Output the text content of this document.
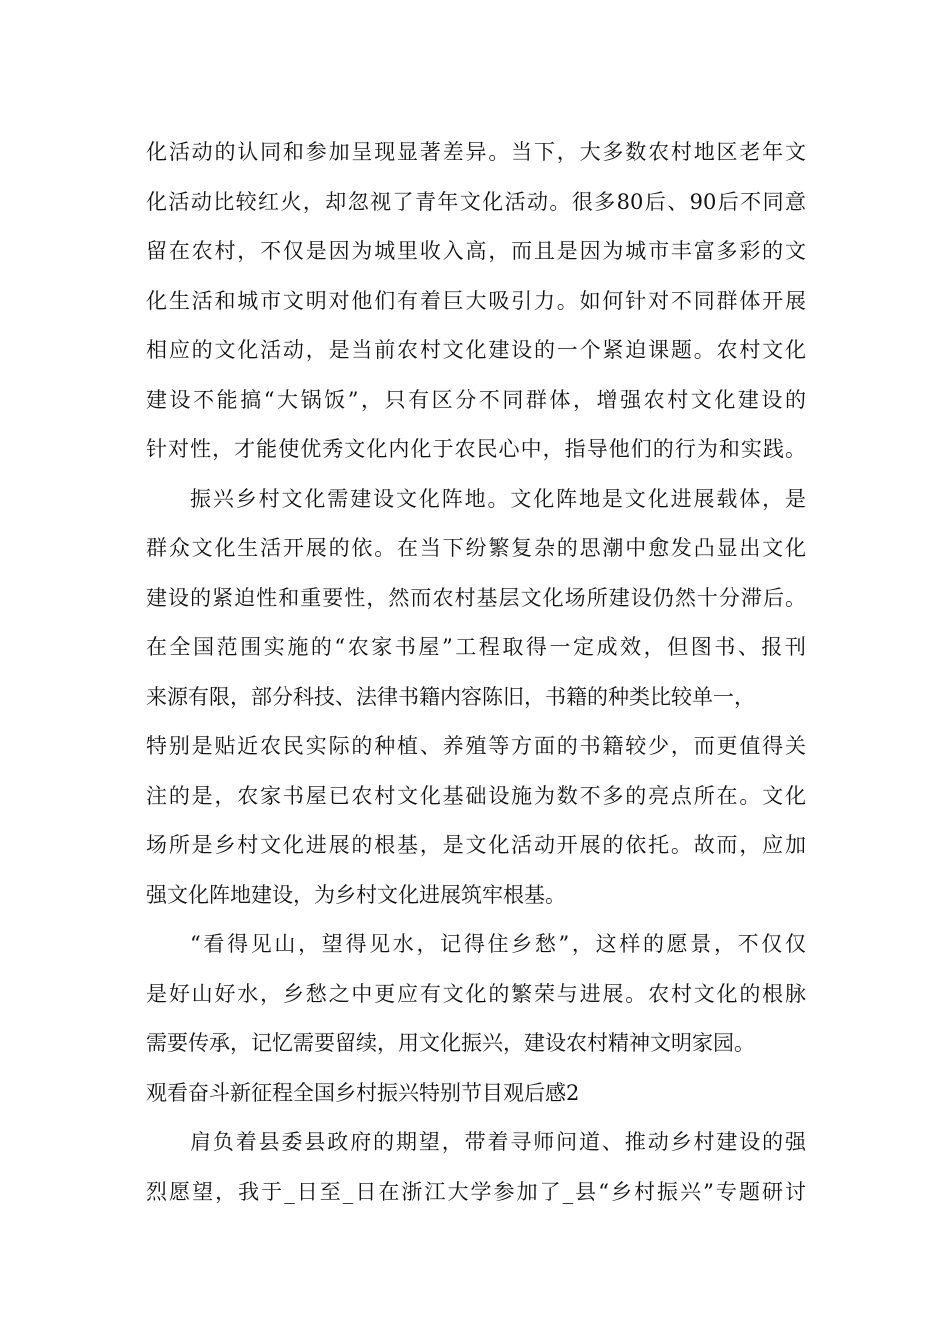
化活动的认同和参加呈现显著差异。当下，大多数农村地区老年文
化活动比较红火，却忽视了青年文化活动。很多80后、90后不同意
留在农村，不仅是因为城里收入高，而且是因为城市丰富多彩的文
化生活和城市文明对他们有着巨大吸引力。如何针对不同群体开展
相应的文化活动，是当前农村文化建设的一个紧迫课题。农村文化
建设不能搞“大锅饭”，只有区分不同群体，增强农村文化建设的
针对性，才能使优秀文化内化于农民心中，指导他们的行为和实践。
振兴乡村文化需建设文化阵地。文化阵地是文化进展载体，是
群众文化生活开展的依。在当下纷繁复杂的思潮中愈发凸显出文化
建设的紧迫性和重要性，然而农村基层文化场所建设仍然十分滞后。
在全国范围实施的“农家书屋”工程取得一定成效，但图书、报刊
来源有限，部分科技、法律书籍内容陈旧，书籍的种类比较单一，
特别是贴近农民实际的种植、养殖等方面的书籍较少，而更值得关
注的是，农家书屋已农村文化基础设施为数不多的亮点所在。文化
场所是乡村文化进展的根基，是文化活动开展的依托。故而，应加
强文化阵地建设，为乡村文化进展筑牢根基。
“看得见山，望得见水，记得住乡愁”，这样的愿景，不仅仅
是好山好水，乡愁之中更应有文化的繁荣与进展。农村文化的根脉
需要传承，记忆需要留续，用文化振兴，建设农村精神文明家园。
观看奋斗新征程全国乡村振兴特别节目观后感2
肩负着县委县政府的期望，带着寻师问道、推动乡村建设的强
烈愿望，我于_日至_日在浙江大学参加了_县“乡村振兴”专题研讨
